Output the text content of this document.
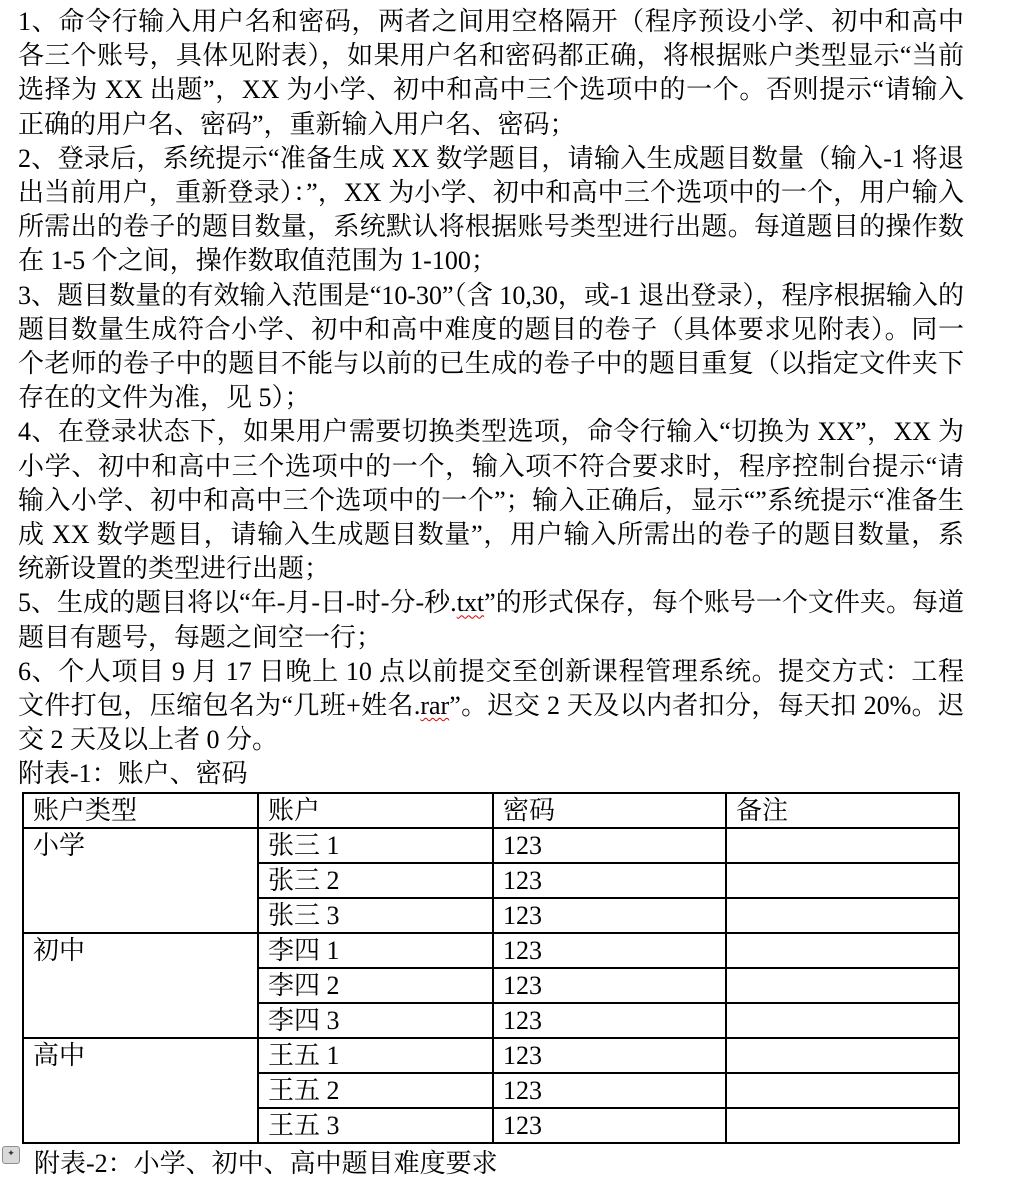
1、命令行输入用户名和密码，两者之间用空格隔开（程序预设小学、初中和高中各三个账号，具体见附表），如果用户名和密码都正确，将根据账户类型显示“当前选择为 XX 出题”，XX 为小学、初中和高中三个选项中的一个。否则提示“请输入正确的用户名、密码”，重新输入用户名、密码；

2、登录后，系统提示“准备生成 XX 数学题目，请输入生成题目数量（输入-1 将退出当前用户，重新登录）：”，XX 为小学、初中和高中三个选项中的一个，用户输入所需出的卷子的题目数量，系统默认将根据账号类型进行出题。每道题目的操作数在 1-5 个之间，操作数取值范围为 1-100；

3、题目数量的有效输入范围是“10-30”（含 10,30，或-1 退出登录），程序根据输入的题目数量生成符合小学、初中和高中难度的题目的卷子（具体要求见附表）。同一个老师的卷子中的题目不能与以前的已生成的卷子中的题目重复（以指定文件夹下存在的文件为准，见 5）；

4、在登录状态下，如果用户需要切换类型选项，命令行输入“切换为 XX”，XX 为小学、初中和高中三个选项中的一个，输入项不符合要求时，程序控制台提示“请输入小学、初中和高中三个选项中的一个”；输入正确后，显示“”系统提示“准备生成 XX 数学题目，请输入生成题目数量”，用户输入所需出的卷子的题目数量，系统新设置的类型进行出题；

5、生成的题目将以“年-月-日-时-分-秒.txt”的形式保存，每个账号一个文件夹。每道题目有题号，每题之间空一行；

6、个人项目 9 月 17 日晚上 10 点以前提交至创新课程管理系统。提交方式：工程文件打包，压缩包名为“几班+姓名.rar”。迟交 2 天及以内者扣分，每天扣 20%。迟交 2 天及以上者 0 分。

附表-1：账户、密码

账户类型	账户	密码	备注
小学	张三 1	123	
	张三 2	123	
	张三 3	123	
初中	李四 1	123	
	李四 2	123	
	李四 3	123	
高中	王五 1	123	
	王五 2	123	
	王五 3	123	
附表-2：小学、初中、高中题目难度要求
✦
